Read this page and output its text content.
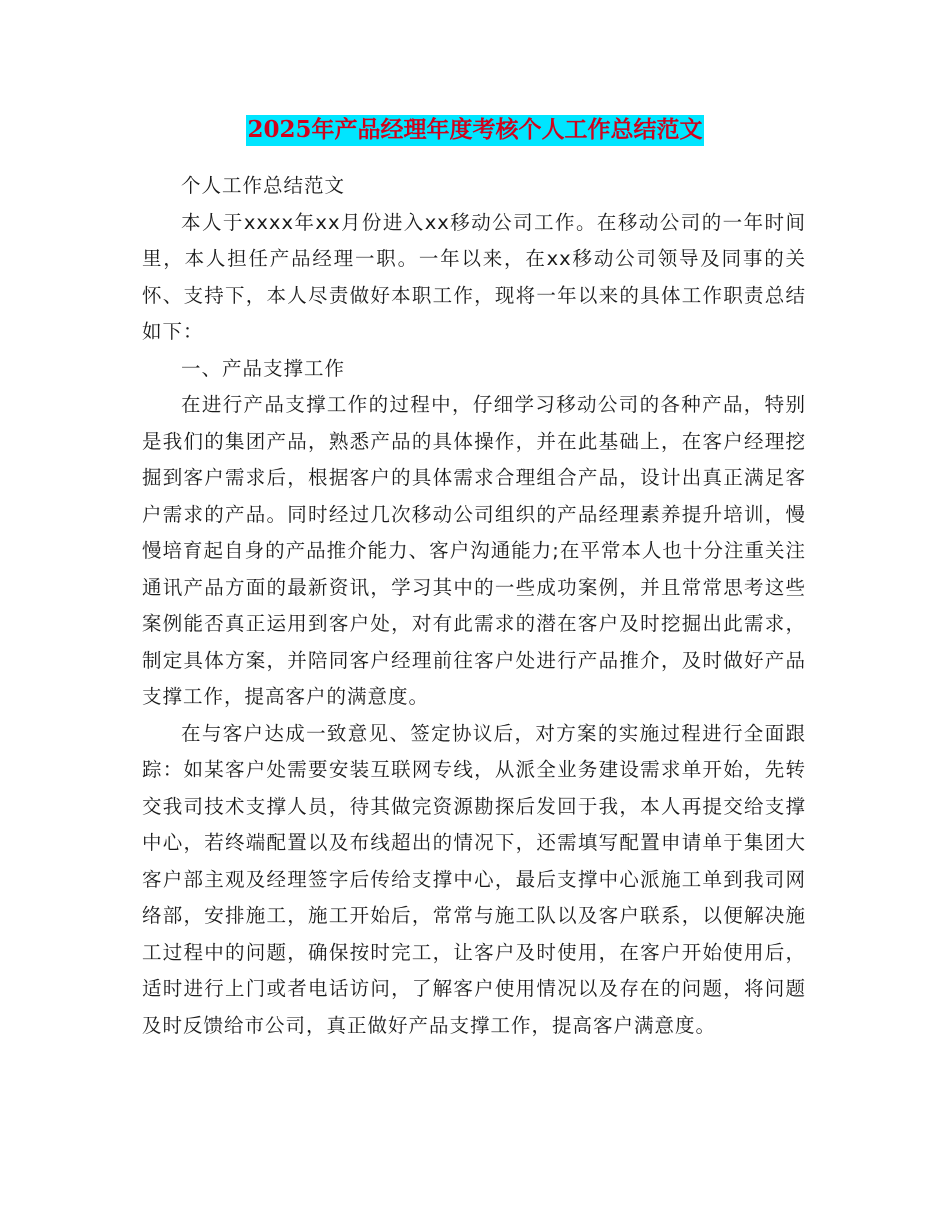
2025年产品经理年度考核个人工作总结范文

个人工作总结范文

本人于xxxx年xx月份进入xx移动公司工作。在移动公司的一年时间里，本人担任产品经理一职。一年以来，在xx移动公司领导及同事的关怀、支持下，本人尽责做好本职工作，现将一年以来的具体工作职责总结如下：

一、产品支撑工作

在进行产品支撑工作的过程中，仔细学习移动公司的各种产品，特别是我们的集团产品，熟悉产品的具体操作，并在此基础上，在客户经理挖掘到客户需求后，根据客户的具体需求合理组合产品，设计出真正满足客户需求的产品。同时经过几次移动公司组织的产品经理素养提升培训，慢慢培育起自身的产品推介能力、客户沟通能力;在平常本人也十分注重关注通讯产品方面的最新资讯，学习其中的一些成功案例，并且常常思考这些案例能否真正运用到客户处，对有此需求的潜在客户及时挖掘出此需求，制定具体方案，并陪同客户经理前往客户处进行产品推介，及时做好产品支撑工作，提高客户的满意度。

在与客户达成一致意见、签定协议后，对方案的实施过程进行全面跟踪：如某客户处需要安装互联网专线，从派全业务建设需求单开始，先转交我司技术支撑人员，待其做完资源勘探后发回于我，本人再提交给支撑中心，若终端配置以及布线超出的情况下，还需填写配置申请单于集团大客户部主观及经理签字后传给支撑中心，最后支撑中心派施工单到我司网络部，安排施工，施工开始后，常常与施工队以及客户联系，以便解决施工过程中的问题，确保按时完工，让客户及时使用，在客户开始使用后，适时进行上门或者电话访问，了解客户使用情况以及存在的问题，将问题及时反馈给市公司，真正做好产品支撑工作，提高客户满意度。
